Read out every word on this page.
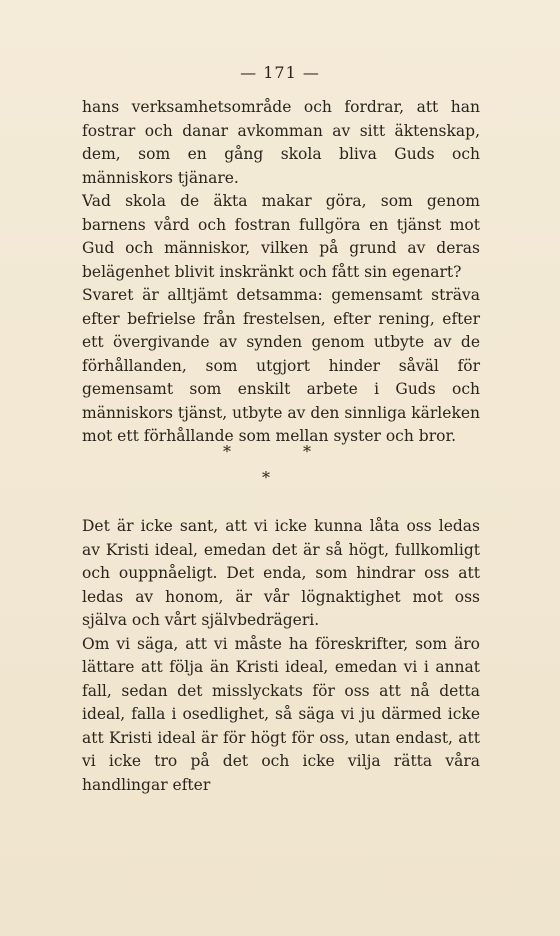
— 171 —

hans verksamhetsområde och fordrar, att han fostrar och danar avkomman av sitt äktenskap, dem, som en gång skola bliva Guds och människors tjänare.

Vad skola de äkta makar göra, som genom barnens vård och fostran fullgöra en tjänst mot Gud och människor, vilken på grund av deras belägenhet blivit inskränkt och fått sin egenart?

Svaret är alltjämt detsamma: gemensamt sträva efter befrielse från frestelsen, efter rening, efter ett övergivande av synden genom utbyte av de förhållanden, som utgjort hinder såväl för gemensamt som enskilt arbete i Guds och människors tjänst, utbyte av den sinnliga kärleken mot ett förhållande som mellan syster och bror.

*	*
*

Det är icke sant, att vi icke kunna låta oss ledas av Kristi ideal, emedan det är så högt, fullkomligt och ouppnåeligt. Det enda, som hindrar oss att ledas av honom, är vår lögnaktighet mot oss själva och vårt självbedrägeri.

Om vi säga, att vi måste ha föreskrifter, som äro lättare att följa än Kristi ideal, emedan vi i annat fall, sedan det misslyckats för oss att nå detta ideal, falla i osedlighet, så säga vi ju därmed icke att Kristi ideal är för högt för oss, utan endast, att vi icke tro på det och icke vilja rätta våra handlingar efter
